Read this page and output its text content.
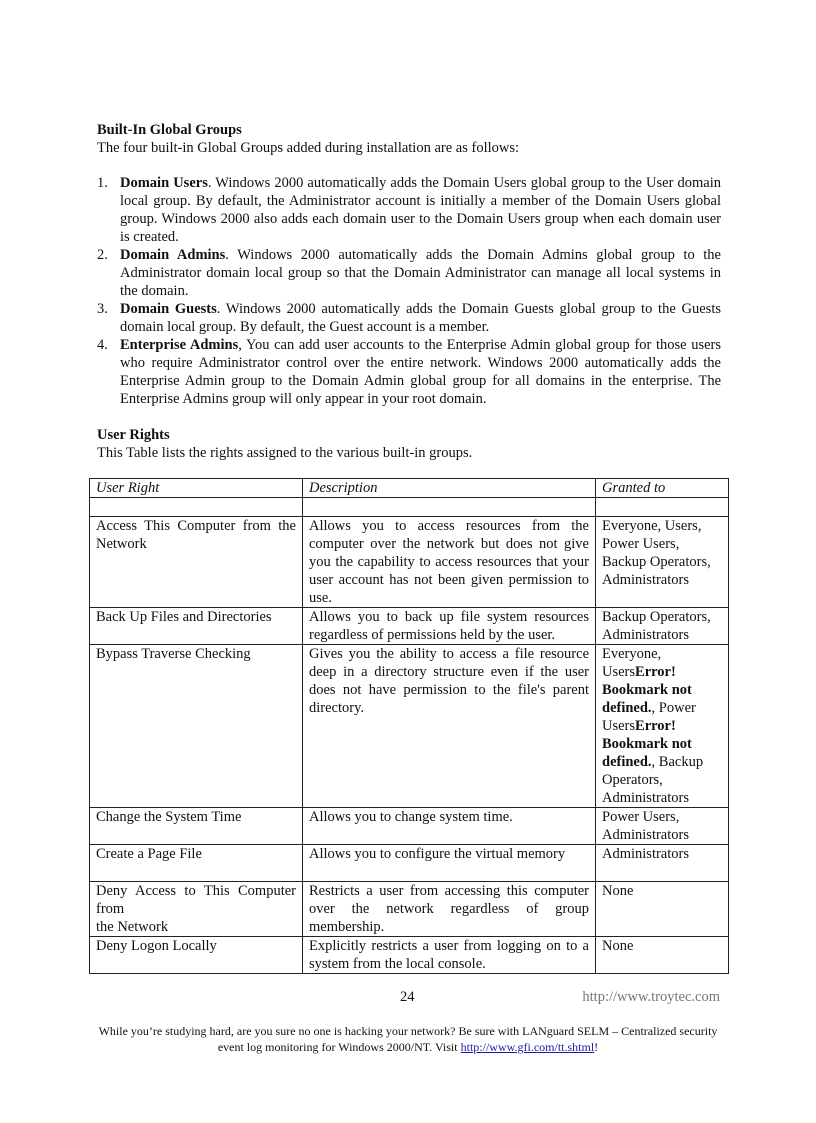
Built-In Global Groups
The four built-in Global Groups added during installation are as follows:
1. Domain Users. Windows 2000 automatically adds the Domain Users global group to the User domain local group. By default, the Administrator account is initially a member of the Domain Users global group. Windows 2000 also adds each domain user to the Domain Users group when each domain user is created.
2. Domain Admins. Windows 2000 automatically adds the Domain Admins global group to the Administrator domain local group so that the Domain Administrator can manage all local systems in the domain.
3. Domain Guests. Windows 2000 automatically adds the Domain Guests global group to the Guests domain local group. By default, the Guest account is a member.
4. Enterprise Admins, You can add user accounts to the Enterprise Admin global group for those users who require Administrator control over the entire network. Windows 2000 automatically adds the Enterprise Admin group to the Domain Admin global group for all domains in the enterprise. The Enterprise Admins group will only appear in your root domain.
User Rights
This Table lists the rights assigned to the various built-in groups.
User Right	Description	Granted to

Access This Computer from the Network	Allows you to access resources from the computer over the network but does not give you the capability to access resources that your user account has not been given permission to use.	Everyone, Users, Power Users, Backup Operators, Administrators
Back Up Files and Directories	Allows you to back up file system resources regardless of permissions held by the user.	Backup Operators, Administrators
Bypass Traverse Checking	Gives you the ability to access a file resource deep in a directory structure even if the user does not have permission to the file's parent directory.	Everyone, UsersError! Bookmark not defined., Power UsersError! Bookmark not defined., Backup Operators, Administrators
Change the System Time	Allows you to change system time.	Power Users, Administrators
Create a Page File	Allows you to configure the virtual memory	Administrators

Deny Access to This Computer from
the Network	Restricts a user from accessing this computer over the network regardless of group membership.	None
Deny Logon Locally	Explicitly restricts a user from logging on to a system from the local console.	None
24	http://www.troytec.com
While you’re studying hard, are you sure no one is hacking your network? Be sure with LANguard SELM – Centralized security event log monitoring for Windows 2000/NT. Visit http://www.gfi.com/tt.shtml!
